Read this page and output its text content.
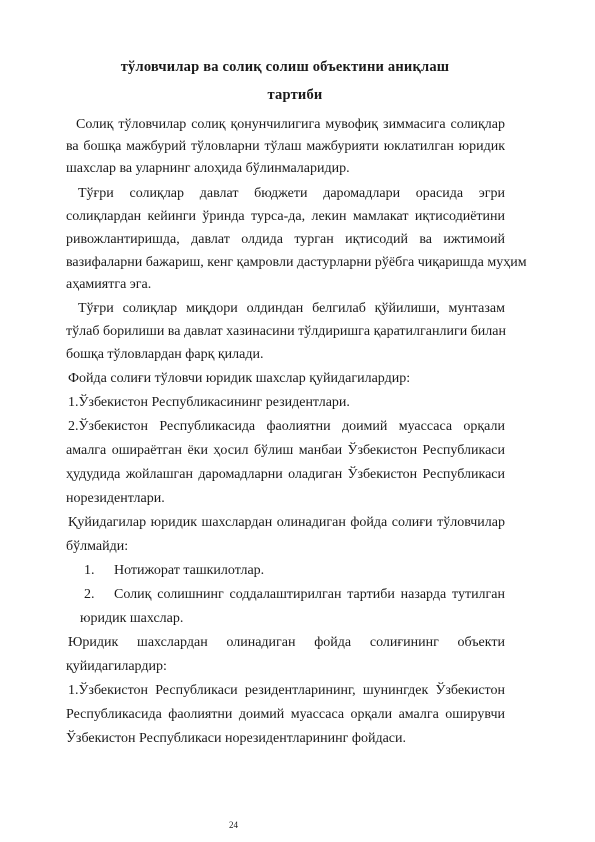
тўловчилар ва солиқ солиш объектини аниқлаш
тартиби
Солиқ тўловчилар солиқ қонунчилигига мувофиқ зиммасига солиқлар
ва бошқа мажбурий тўловларни тўлаш мажбурияти юклатилган юридик
шахслар ва уларнинг алоҳида бўлинмаларидир.
Тўғри солиқлар давлат бюджети даромадлари орасида эгри
солиқлардан кейинги ўринда турса-да, лекин мамлакат иқтисодиётини
ривожлантиришда, давлат олдида турган иқтисодий ва ижтимоий
вазифаларни бажариш, кенг қамровли дастурларни рўёбга чиқаришда муҳим
аҳамиятга эга.
Тўғри солиқлар миқдори олдиндан белгилаб қўйилиши, мунтазам
тўлаб борилиши ва давлат хазинасини тўлдиришга қаратилганлиги билан
бошқа тўловлардан фарқ қилади.
Фойда солиғи тўловчи юридик шахслар қуйидагилардир:
1.Ўзбекистон Республикасининг резидентлари.
2.Ўзбекистон Республикасида фаолиятни доимий муассаса орқали
амалга ошираётган ёки ҳосил бўлиш манбаи Ўзбекистон Республикаси
ҳудудида жойлашган даромадларни оладиган Ўзбекистон Республикаси
норезидентлари.
Қуйидагилар юридик шахслардан олинадиган фойда солиғи тўловчилар
бўлмайди:
1.	Нотижорат ташкилотлар.
2.	Солиқ солишнинг соддалаштирилган тартиби назарда тутилган
юридик шахслар.
Юридик шахслардан олинадиган фойда солиғининг объекти
қуйидагилардир:
1.Ўзбекистон Республикаси резидентларининг, шунингдек Ўзбекистон
Республикасида фаолиятни доимий муассаса орқали амалга оширувчи
Ўзбекистон Республикаси норезидентларининг фойдаси.
24
